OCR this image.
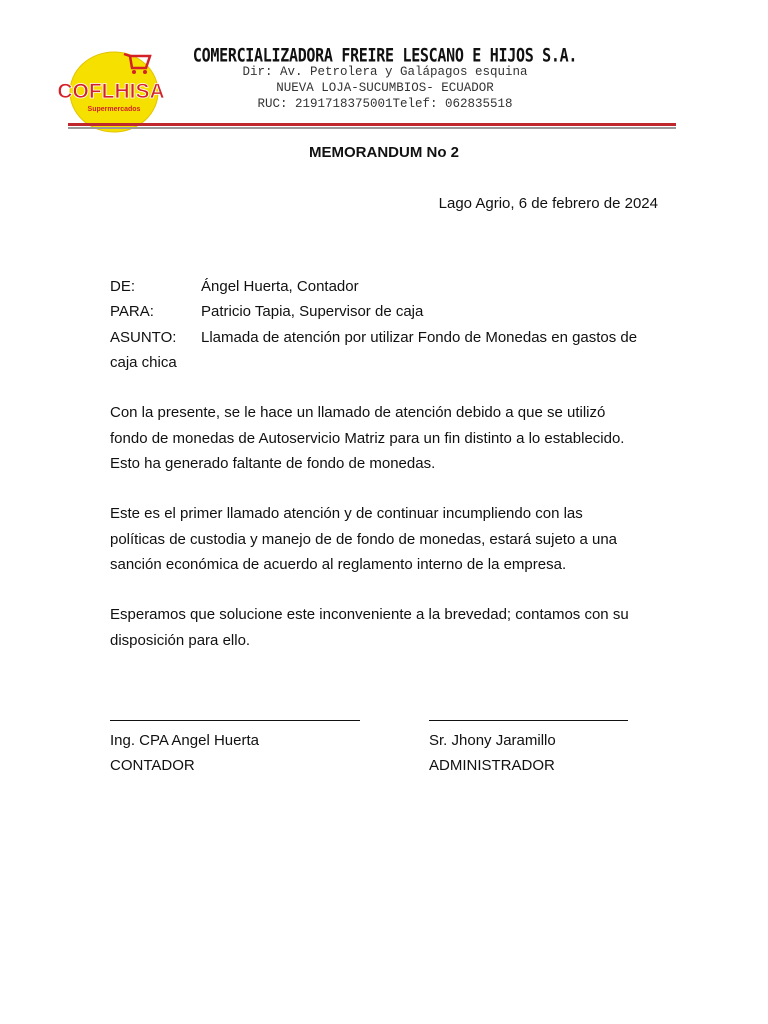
COFLHISA
Supermercados
COMERCIALIZADORA FREIRE LESCANO E HIJOS S.A.
Dir: Av. Petrolera y Galápagos esquina
NUEVA LOJA-SUCUMBIOS- ECUADOR
RUC: 2191718375001Telef: 062835518
MEMORANDUM No 2
Lago Agrio, 6 de febrero de 2024
DE:	Ángel Huerta, Contador
PARA:	Patricio Tapia, Supervisor de caja
ASUNTO: Llamada de atención por utilizar Fondo de Monedas en gastos de
caja chica
Con la presente, se le hace un llamado de atención debido a que se utilizó
fondo de monedas de Autoservicio Matriz para un fin distinto a lo establecido.
Esto ha generado faltante de fondo de monedas.
Este es el primer llamado atención y de continuar incumpliendo con las
políticas de custodia y manejo de de fondo de monedas, estará sujeto a una
sanción económica de acuerdo al reglamento interno de la empresa.
Esperamos que solucione este inconveniente a la brevedad; contamos con su
disposición para ello.
Ing. CPA Angel Huerta
CONTADOR
Sr. Jhony Jaramillo
ADMINISTRADOR
